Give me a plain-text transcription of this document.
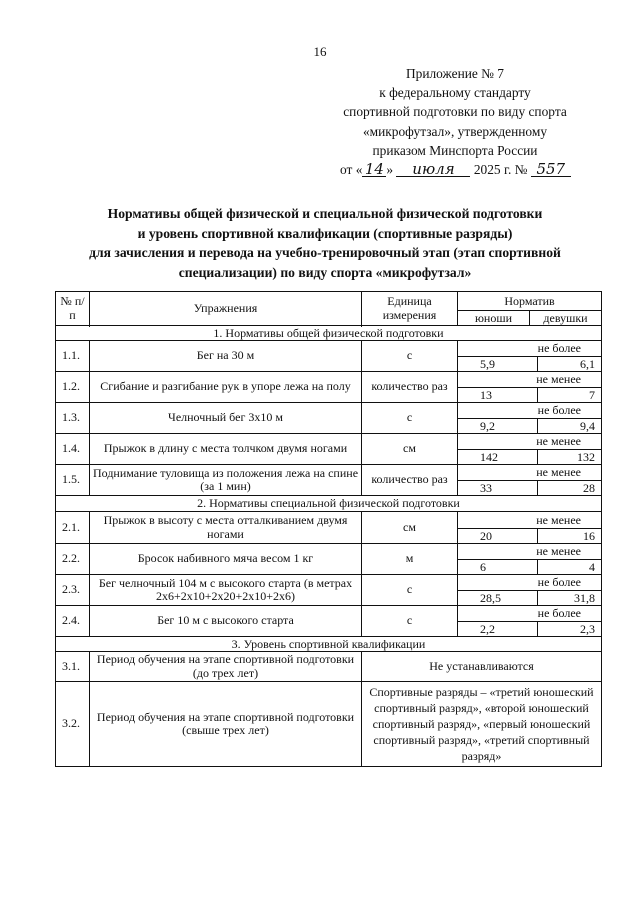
16
Приложение № 7
к федеральному стандарту
спортивной подготовки по виду спорта
«микрофутзал», утвержденному
приказом Минспорта России
от « 14 » июля 2025 г. № 557
Нормативы общей физической и специальной физической подготовки
и уровень спортивной квалификации (спортивные разряды)
для зачисления и перевода на учебно-тренировочный этап (этап спортивной
специализации) по виду спорта «микрофутзал»
№ п/п	Упражнения	Единица измерения	Норматив
юноши девушки

1. Нормативы общей физической подготовки			
1.1.	Бег на 30 м	с	не более
5,9 6,1

1.2.	Сгибание и разгибание рук в упоре лежа на полу	количество раз	не менее
13 7

1.3.	Челночный бег 3х10 м	с	не более
9,2 9,4

1.4.	Прыжок в длину с места толчком двумя ногами	см	не менее
142 132

1.5.	Поднимание туловища из положения лежа на спине (за 1 мин)	количество раз	не менее
33 28

2. Нормативы специальной физической подготовки			
2.1.	Прыжок в высоту с места отталкиванием двумя ногами	см	не менее
20 16

2.2.	Бросок набивного мяча весом 1 кг	м	не менее
6 4

2.3.	Бег челночный 104 м с высокого старта (в метрах 2х6+2х10+2х20+2х10+2х6)	с	не более
28,5 31,8

2.4.	Бег 10 м с высокого старта	с	не более
2,2 2,3

3. Уровень спортивной квалификации			
3.1.	Период обучения на этапе спортивной подготовки (до трех лет)	Не устанавливаются	
3.2.	Период обучения на этапе спортивной подготовки (свыше трех лет)	Спортивные разряды – «третий юношеский спортивный разряд», «второй юношеский спортивный разряд», «первый юношеский спортивный разряд», «третий спортивный разряд»	
